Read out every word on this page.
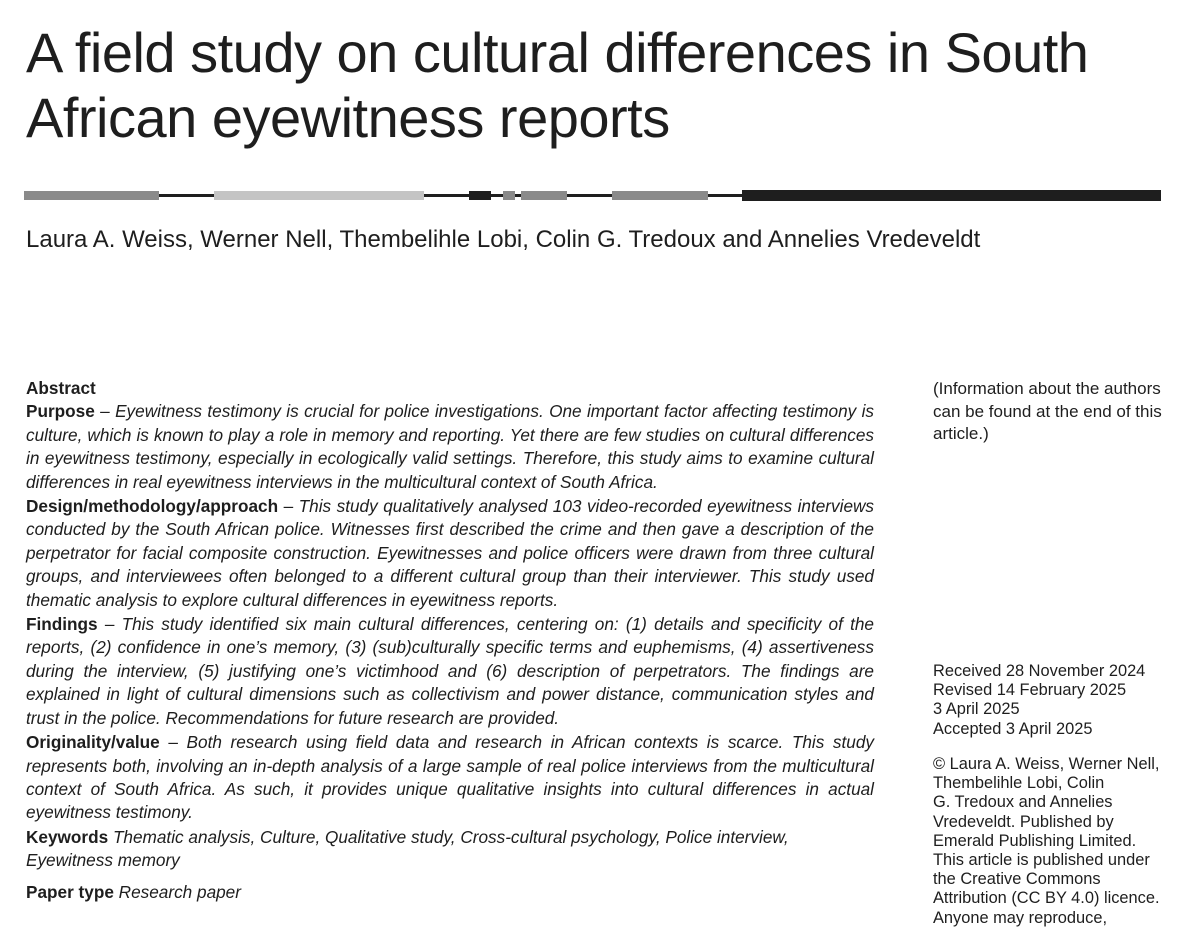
A field study on cultural differences in South African eyewitness reports
Laura A. Weiss, Werner Nell, Thembelihle Lobi, Colin G. Tredoux and Annelies Vredeveldt

Abstract

Purpose – Eyewitness testimony is crucial for police investigations. One important factor affecting testimony is culture, which is known to play a role in memory and reporting. Yet there are few studies on cultural differences in eyewitness testimony, especially in ecologically valid settings. Therefore, this study aims to examine cultural differences in real eyewitness interviews in the multicultural context of South Africa.

Design/methodology/approach – This study qualitatively analysed 103 video-recorded eyewitness interviews conducted by the South African police. Witnesses first described the crime and then gave a description of the perpetrator for facial composite construction. Eyewitnesses and police officers were drawn from three cultural groups, and interviewees often belonged to a different cultural group than their interviewer. This study used thematic analysis to explore cultural differences in eyewitness reports.

Findings – This study identified six main cultural differences, centering on: (1) details and specificity of the reports, (2) confidence in one’s memory, (3) (sub)culturally specific terms and euphemisms, (4) assertiveness during the interview, (5) justifying one’s victimhood and (6) description of perpetrators. The findings are explained in light of cultural dimensions such as collectivism and power distance, communication styles and trust in the police. Recommendations for future research are provided.

Originality/value – Both research using field data and research in African contexts is scarce. This study represents both, involving an in-depth analysis of a large sample of real police interviews from the multicultural context of South Africa. As such, it provides unique qualitative insights into cultural differences in actual eyewitness testimony.

Keywords Thematic analysis, Culture, Qualitative study, Cross-cultural psychology, Police interview, Eyewitness memory

Paper type Research paper

(Information about the authors can be found at the end of this article.)
Received 28 November 2024
Revised 14 February 2025
3 April 2025
Accepted 3 April 2025
© Laura A. Weiss, Werner Nell,
Thembelihle Lobi, Colin
G. Tredoux and Annelies
Vredeveldt. Published by
Emerald Publishing Limited.
This article is published under
the Creative Commons
Attribution (CC BY 4.0) licence.
Anyone may reproduce,
